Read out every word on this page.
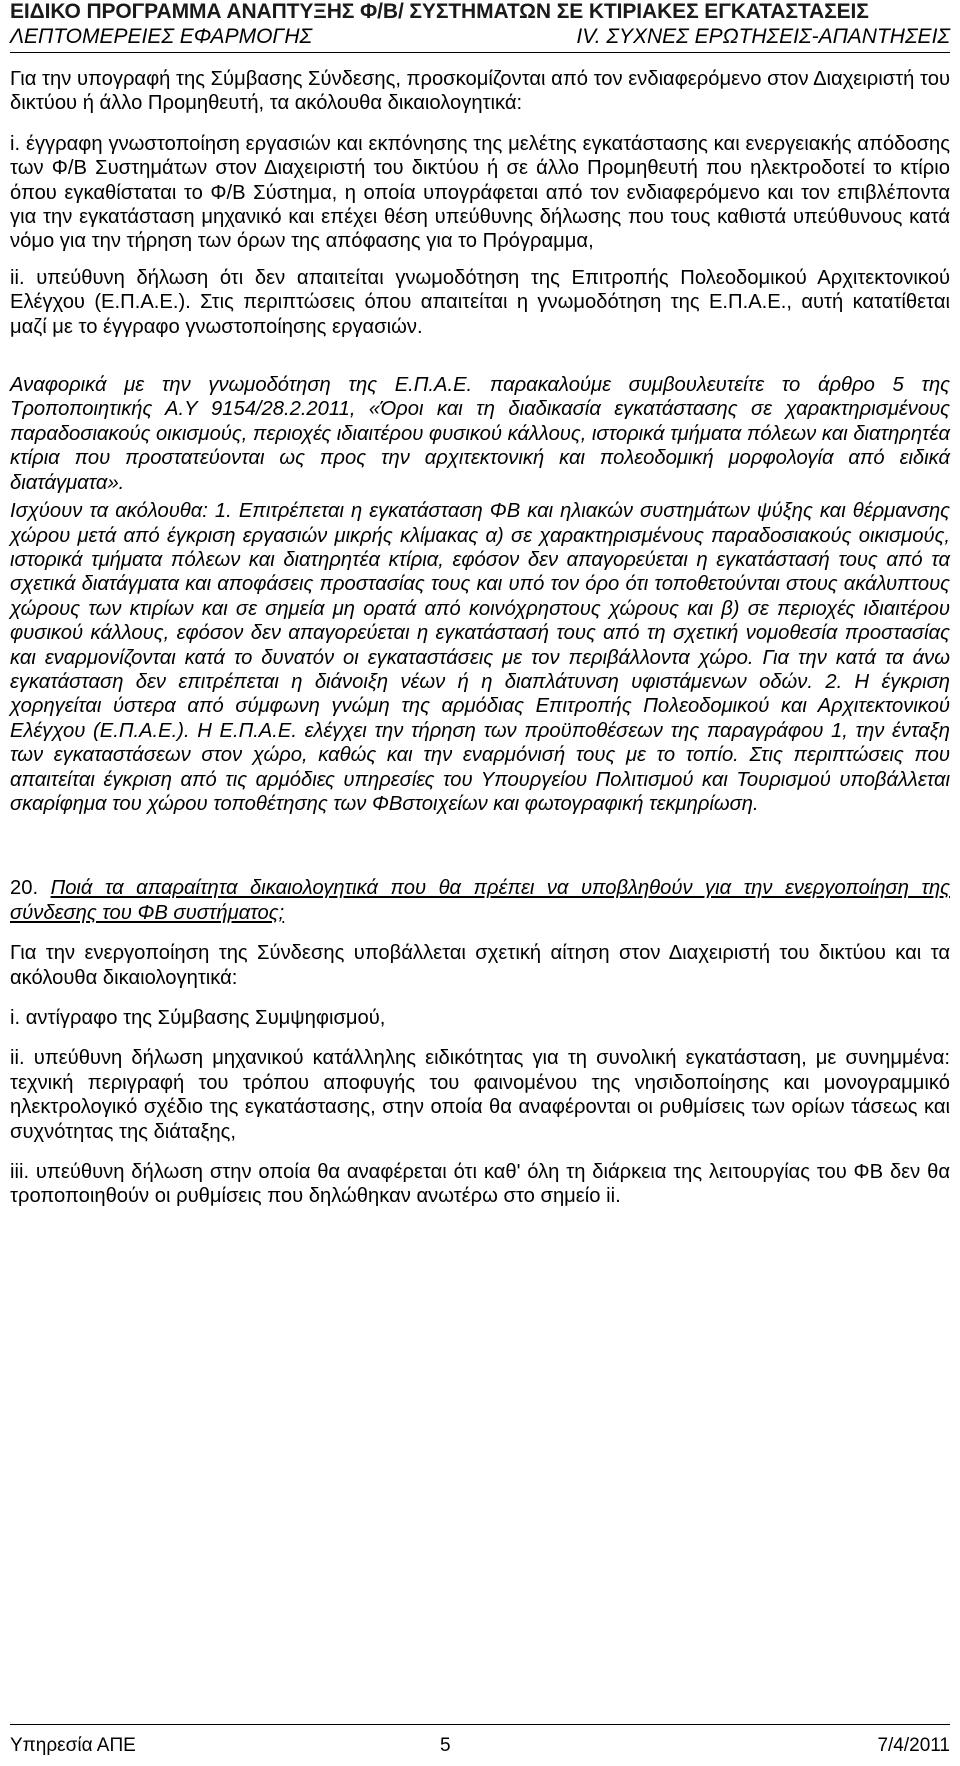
ΕΙΔΙΚΟ ΠΡΟΓΡΑΜΜΑ ΑΝΑΠΤΥΞΗΣ Φ/Β/ ΣΥΣΤΗΜΑΤΩΝ ΣΕ ΚΤΙΡΙΑΚΕΣ ΕΓΚΑΤΑΣΤΑΣΕΙΣ
ΛΕΠΤΟΜΕΡΕΙΕΣ ΕΦΑΡΜΟΓΗΣ	IV. ΣΥΧΝΕΣ ΕΡΩΤΗΣΕΙΣ-ΑΠΑΝΤΗΣΕΙΣ

Για την υπογραφή της Σύμβασης Σύνδεσης, προσκομίζονται από τον ενδιαφερόμενο στον Διαχειριστή του δικτύου ή άλλο Προμηθευτή, τα ακόλουθα δικαιολογητικά:

i. έγγραφη γνωστοποίηση εργασιών και εκπόνησης της μελέτης εγκατάστασης και ενεργειακής απόδοσης των Φ/Β Συστημάτων στον Διαχειριστή του δικτύου ή σε άλλο Προμηθευτή που ηλεκτροδοτεί το κτίριο όπου εγκαθίσταται το Φ/Β Σύστημα, η οποία υπογράφεται από τον ενδιαφερόμενο και τον επιβλέποντα για την εγκατάσταση μηχανικό και επέχει θέση υπεύθυνης δήλωσης που τους καθιστά υπεύθυνους κατά νόμο για την τήρηση των όρων της απόφασης για το Πρόγραμμα,

ii. υπεύθυνη δήλωση ότι δεν απαιτείται γνωμοδότηση της Επιτροπής Πολεοδομικού Αρχιτεκτονικού Ελέγχου (Ε.Π.Α.Ε.). Στις περιπτώσεις όπου απαιτείται η γνωμοδότηση της Ε.Π.Α.Ε., αυτή κατατίθεται μαζί με το έγγραφο γνωστοποίησης εργασιών.

Αναφορικά με την γνωμοδότηση της Ε.Π.Α.Ε. παρακαλούμε συμβουλευτείτε το άρθρο 5 της Τροποποιητικής Α.Υ 9154/28.2.2011, «Όροι και τη διαδικασία εγκατάστασης σε χαρακτηρισμένους παραδοσιακούς οικισμούς, περιοχές ιδιαιτέρου φυσικού κάλλους, ιστορικά τμήματα πόλεων και διατηρητέα κτίρια που προστατεύονται ως προς την αρχιτεκτονική και πολεοδομική μορφολογία από ειδικά διατάγματα».

Ισχύουν τα ακόλουθα: 1. Επιτρέπεται η εγκατάσταση ΦΒ και ηλιακών συστημάτων ψύξης και θέρμανσης χώρου μετά από έγκριση εργασιών μικρής κλίμακας α) σε χαρακτηρισμένους παραδοσιακούς οικισμούς, ιστορικά τμήματα πόλεων και διατηρητέα κτίρια, εφόσον δεν απαγορεύεται η εγκατάστασή τους από τα σχετικά διατάγματα και αποφάσεις προστασίας τους και υπό τον όρο ότι τοποθετούνται στους ακάλυπτους χώρους των κτιρίων και σε σημεία μη ορατά από κοινόχρηστους χώρους και β) σε περιοχές ιδιαιτέρου φυσικού κάλλους, εφόσον δεν απαγορεύεται η εγκατάστασή τους από τη σχετική νομοθεσία προστασίας και εναρμονίζονται κατά το δυνατόν οι εγκαταστάσεις με τον περιβάλλοντα χώρο. Για την κατά τα άνω εγκατάσταση δεν επιτρέπεται η διάνοιξη νέων ή η διαπλάτυνση υφιστάμενων οδών. 2. Η έγκριση χορηγείται ύστερα από σύμφωνη γνώμη της αρμόδιας Επιτροπής Πολεοδομικού και Αρχιτεκτονικού Ελέγχου (Ε.Π.Α.Ε.). Η Ε.Π.Α.Ε. ελέγχει την τήρηση των προϋποθέσεων της παραγράφου 1, την ένταξη των εγκαταστάσεων στον χώρο, καθώς και την εναρμόνισή τους με το τοπίο. Στις περιπτώσεις που απαιτείται έγκριση από τις αρμόδιες υπηρεσίες του Υπουργείου Πολιτισμού και Τουρισμού υποβάλλεται σκαρίφημα του χώρου τοποθέτησης των ΦΒστοιχείων και φωτογραφική τεκμηρίωση.

20. Ποιά τα απαραίτητα δικαιολογητικά που θα πρέπει να υποβληθούν για την ενεργοποίηση της σύνδεσης του ΦΒ συστήματος;

Για την ενεργοποίηση της Σύνδεσης υποβάλλεται σχετική αίτηση στον Διαχειριστή του δικτύου και τα ακόλουθα δικαιολογητικά:

i. αντίγραφο της Σύμβασης Συμψηφισμού,

ii. υπεύθυνη δήλωση μηχανικού κατάλληλης ειδικότητας για τη συνολική εγκατάσταση, με συνημμένα: τεχνική περιγραφή του τρόπου αποφυγής του φαινομένου της νησιδοποίησης και μονογραμμικό ηλεκτρολογικό σχέδιο της εγκατάστασης, στην οποία θα αναφέρονται οι ρυθμίσεις των ορίων τάσεως και συχνότητας της διάταξης,

iii. υπεύθυνη δήλωση στην οποία θα αναφέρεται ότι καθ' όλη τη διάρκεια της λειτουργίας του ΦΒ δεν θα τροποποιηθούν οι ρυθμίσεις που δηλώθηκαν ανωτέρω στο σημείο ii.

Υπηρεσία ΑΠΕ	5	7/4/2011
